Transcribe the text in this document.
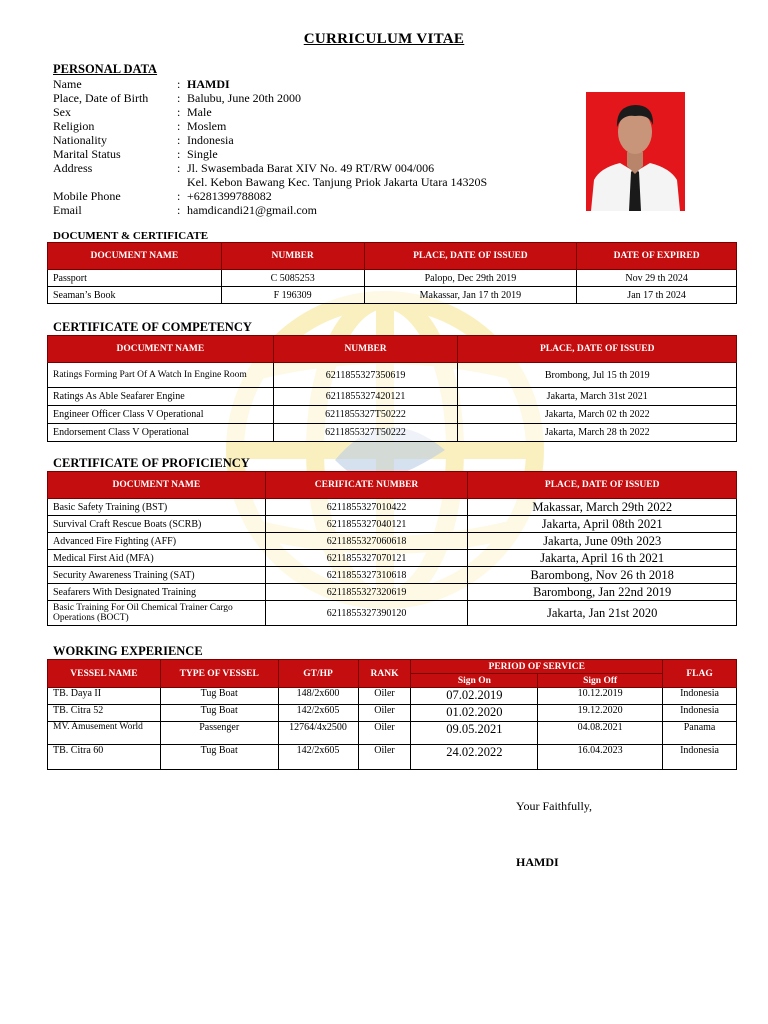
CURRICULUM VITAE
PERSONAL DATA
Name	: HAMDI
Place, Date of Birth	: Balubu, June 20th 2000
Sex	: Male
Religion	: Moslem
Nationality	: Indonesia
Marital Status	: Single
Address	: Jl. Swasembada Barat XIV No. 49 RT/RW 004/006
Kel. Kebon Bawang Kec. Tanjung Priok Jakarta Utara 14320S
Mobile Phone	: +6281399788082
Email	: hamdicandi21@gmail.com
DOCUMENT & CERTIFICATE
DOCUMENT NAME	NUMBER	PLACE, DATE OF ISSUED	DATE OF EXPIRED
Passport	C 5085253	Palopo, Dec 29th 2019	Nov 29 th 2024
Seaman’s Book	F 196309	Makassar, Jan 17 th 2019	Jan 17 th 2024
CERTIFICATE OF COMPETENCY
DOCUMENT NAME	NUMBER	PLACE, DATE OF ISSUED
Ratings Forming Part Of A Watch In Engine Room	6211855327350619	Brombong, Jul 15 th 2019
Ratings As Able Seafarer Engine	6211855327420121	Jakarta, March 31st 2021
Engineer Officer Class V Operational	6211855327T50222	Jakarta, March 02 th 2022
Endorsement Class V Operational	6211855327T50222	Jakarta, March 28 th 2022
CERTIFICATE OF PROFICIENCY
DOCUMENT NAME	CERIFICATE NUMBER	PLACE, DATE OF ISSUED
Basic Safety Training (BST)	6211855327010422	Makassar, March 29th 2022
Survival Craft Rescue Boats (SCRB)	6211855327040121	Jakarta, April 08th 2021
Advanced Fire Fighting (AFF)	6211855327060618	Jakarta, June 09th 2023
Medical First Aid (MFA)	6211855327070121	Jakarta, April 16 th 2021
Security Awareness Training (SAT)	6211855327310618	Barombong, Nov 26 th 2018
Seafarers With Designated Training	6211855327320619	Barombong, Jan 22nd 2019
Basic Training For Oil Chemical Trainer Cargo Operations (BOCT)	6211855327390120	Jakarta, Jan 21st 2020
WORKING EXPERIENCE
VESSEL NAME	TYPE OF VESSEL	GT/HP	RANK	PERIOD OF SERVICE		FLAG
				Sign On	Sign Off	
TB. Daya II	Tug Boat	148/2x600	Oiler	07.02.2019	10.12.2019	Indonesia
TB. Citra 52	Tug Boat	142/2x605	Oiler	01.02.2020	19.12.2020	Indonesia
MV. Amusement World	Passenger	12764/4x2500	Oiler	09.05.2021	04.08.2021	Panama
TB. Citra 60	Tug Boat	142/2x605	Oiler	24.02.2022	16.04.2023	Indonesia
Your Faithfully,
HAMDI
